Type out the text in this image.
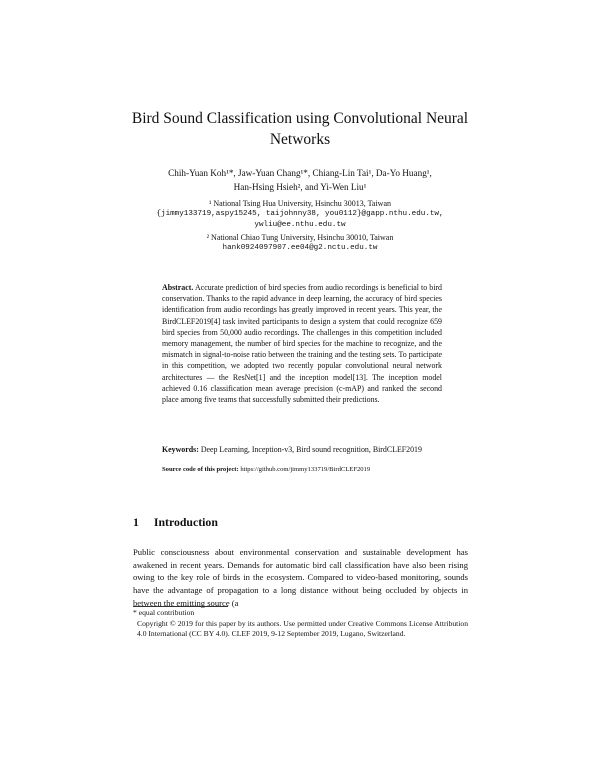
Bird Sound Classification using Convolutional Neural Networks
Chih-Yuan Koh¹*, Jaw-Yuan Chang¹*, Chiang-Lin Tai¹, Da-Yo Huang¹,
Han-Hsing Hsieh², and Yi-Wen Liu¹
¹ National Tsing Hua University, Hsinchu 30013, Taiwan
{jimmy133719,aspy15245, taijohnny38, you0112}@gapp.nthu.edu.tw,
ywliu@ee.nthu.edu.tw
² National Chiao Tung University, Hsinchu 30010, Taiwan
hank0924097907.ee04@g2.nctu.edu.tw
Abstract. Accurate prediction of bird species from audio recordings is beneficial to bird conservation. Thanks to the rapid advance in deep learning, the accuracy of bird species identification from audio recordings has greatly improved in recent years. This year, the BirdCLEF2019[4] task invited participants to design a system that could recognize 659 bird species from 50,000 audio recordings. The challenges in this competition included memory management, the number of bird species for the machine to recognize, and the mismatch in signal-to-noise ratio between the training and the testing sets. To participate in this competition, we adopted two recently popular convolutional neural network architectures — the ResNet[1] and the inception model[13]. The inception model achieved 0.16 classification mean average precision (c-mAP) and ranked the second place among five teams that successfully submitted their predictions.
Keywords: Deep Learning, Inception-v3, Bird sound recognition, BirdCLEF2019
Source code of this project: https://github.com/jimmy133719/BirdCLEF2019
1 Introduction
Public consciousness about environmental conservation and sustainable development has awakened in recent years. Demands for automatic bird call classification have also been rising owing to the key role of birds in the ecosystem. Compared to video-based monitoring, sounds have the advantage of propagation to a long distance without being occluded by objects in between the emitting source (a
* equal contribution
Copyright © 2019 for this paper by its authors. Use permitted under Creative Commons License Attribution 4.0 International (CC BY 4.0). CLEF 2019, 9-12 September 2019, Lugano, Switzerland.
